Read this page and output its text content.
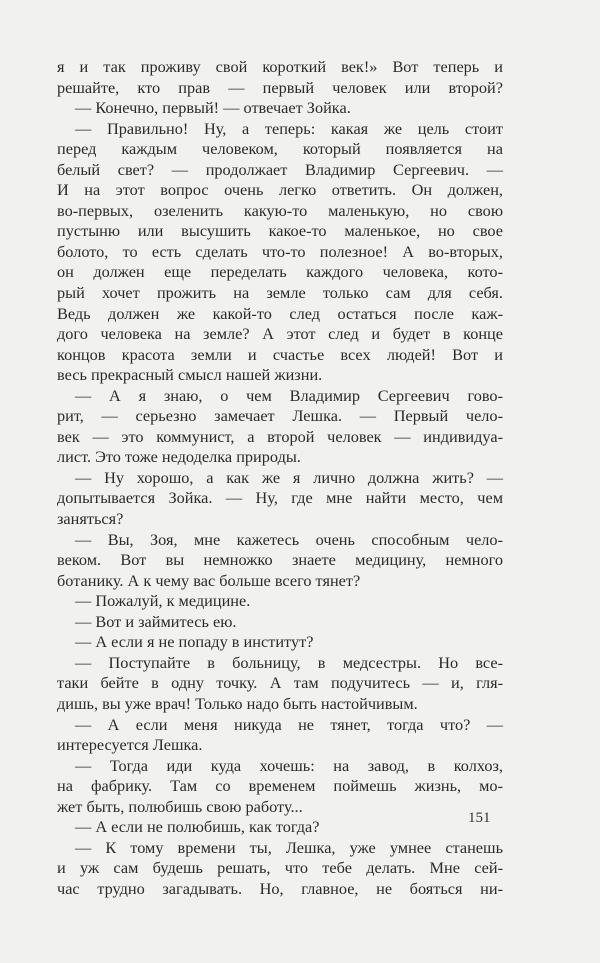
я и так проживу свой короткий век!» Вот теперь и
решайте, кто прав — первый человек или второй?
— Конечно, первый! — отвечает Зойка.
— Правильно! Ну, а теперь: какая же цель стоит
перед каждым человеком, который появляется на
белый свет? — продолжает Владимир Сергеевич. —
И на этот вопрос очень легко ответить. Он должен,
во-первых, озеленить какую-то маленькую, но свою
пустыню или высушить какое-то маленькое, но свое
болото, то есть сделать что-то полезное! А во-вторых,
он должен еще переделать каждого человека, кото-
рый хочет прожить на земле только сам для себя.
Ведь должен же какой-то след остаться после каж-
дого человека на земле? А этот след и будет в конце
концов красота земли и счастье всех людей! Вот и
весь прекрасный смысл нашей жизни.
— А я знаю, о чем Владимир Сергеевич гово-
рит, — серьезно замечает Лешка. — Первый чело-
век — это коммунист, а второй человек — индивидуа-
лист. Это тоже недоделка природы.
— Ну хорошо, а как же я лично должна жить? —
допытывается Зойка. — Ну, где мне найти место, чем
заняться?
— Вы, Зоя, мне кажетесь очень способным чело-
веком. Вот вы немножко знаете медицину, немного
ботанику. А к чему вас больше всего тянет?
— Пожалуй, к медицине.
— Вот и займитесь ею.
— А если я не попаду в институт?
— Поступайте в больницу, в медсестры. Но все-
таки бейте в одну точку. А там подучитесь — и, гля-
дишь, вы уже врач! Только надо быть настойчивым.
— А если меня никуда не тянет, тогда что? —
интересуется Лешка.
— Тогда иди куда хочешь: на завод, в колхоз,
на фабрику. Там со временем поймешь жизнь, мо-
жет быть, полюбишь свою работу...
— А если не полюбишь, как тогда?
— К тому времени ты, Лешка, уже умнее станешь
и уж сам будешь решать, что тебе делать. Мне сей-
час трудно загадывать. Но, главное, не бояться ни-
151
